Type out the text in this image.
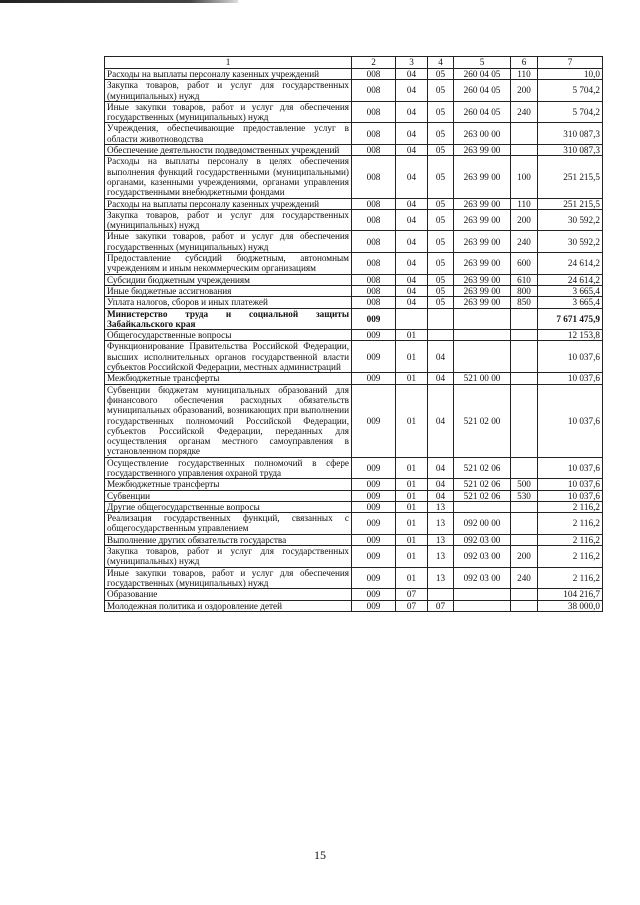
1	2	3	4	5	6	7
Расходы на выплаты персоналу казенных учреждений	008	04	05	260 04 05	110	10,0
Закупка товаров, работ и услуг для государственных (муниципальных) нужд	008	04	05	260 04 05	200	5 704,2
Иные закупки товаров, работ и услуг для обеспечения государственных (муниципальных) нужд	008	04	05	260 04 05	240	5 704,2
Учреждения, обеспечивающие предоставление услуг в области животноводства	008	04	05	263 00 00		310 087,3
Обеспечение деятельности подведомственных учреждений	008	04	05	263 99 00		310 087,3
Расходы на выплаты персоналу в целях обеспечения выполнения функций государственными (муниципальными) органами, казенными учреждениями, органами управления государственными внебюджетными фондами	008	04	05	263 99 00	100	251 215,5
Расходы на выплаты персоналу казенных учреждений	008	04	05	263 99 00	110	251 215,5
Закупка товаров, работ и услуг для государственных (муниципальных) нужд	008	04	05	263 99 00	200	30 592,2
Иные закупки товаров, работ и услуг для обеспечения государственных (муниципальных) нужд	008	04	05	263 99 00	240	30 592,2
Предоставление субсидий бюджетным, автономным учреждениям и иным некоммерческим организациям	008	04	05	263 99 00	600	24 614,2
Субсидии бюджетным учреждениям	008	04	05	263 99 00	610	24 614,2
Иные бюджетные ассигнования	008	04	05	263 99 00	800	3 665,4
Уплата налогов, сборов и иных платежей	008	04	05	263 99 00	850	3 665,4
Министерство труда и социальной защиты Забайкальского края	009					7 671 475,9
Общегосударственные вопросы	009	01				12 153,8
Функционирование Правительства Российской Федерации, высших исполнительных органов государственной власти субъектов Российской Федерации, местных администраций	009	01	04			10 037,6
Межбюджетные трансферты	009	01	04	521 00 00		10 037,6
Субвенции бюджетам муниципальных образований для финансового обеспечения расходных обязательств муниципальных образований, возникающих при выполнении государственных полномочий Российской Федерации, субъектов Российской Федерации, переданных для осуществления органам местного самоуправления в установленном порядке	009	01	04	521 02 00		10 037,6
Осуществление государственных полномочий в сфере государственного управления охраной труда	009	01	04	521 02 06		10 037,6
Межбюджетные трансферты	009	01	04	521 02 06	500	10 037,6
Субвенции	009	01	04	521 02 06	530	10 037,6
Другие общегосударственные вопросы	009	01	13			2 116,2
Реализация государственных функций, связанных с общегосударственным управлением	009	01	13	092 00 00		2 116,2
Выполнение других обязательств государства	009	01	13	092 03 00		2 116,2
Закупка товаров, работ и услуг для государственных (муниципальных) нужд	009	01	13	092 03 00	200	2 116,2
Иные закупки товаров, работ и услуг для обеспечения государственных (муниципальных) нужд	009	01	13	092 03 00	240	2 116,2
Образование	009	07				104 216,7
Молодежная политика и оздоровление детей	009	07	07			38 000,0
15
